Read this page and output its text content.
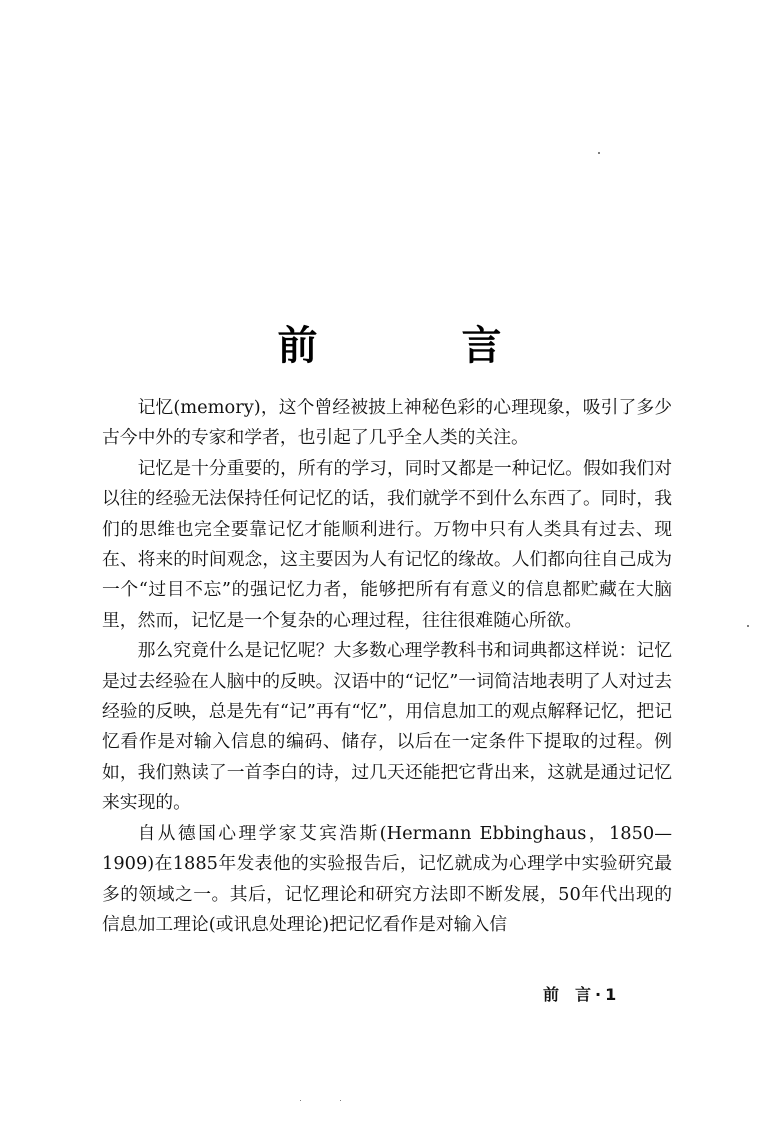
前　言

记忆(memory)，这个曾经被披上神秘色彩的心理现象，吸引了多少古今中外的专家和学者，也引起了几乎全人类的关注。

记忆是十分重要的，所有的学习，同时又都是一种记忆。假如我们对以往的经验无法保持任何记忆的话，我们就学不到什么东西了。同时，我们的思维也完全要靠记忆才能顺利进行。万物中只有人类具有过去、现在、将来的时间观念，这主要因为人有记忆的缘故。人们都向往自己成为一个“过目不忘”的强记忆力者，能够把所有有意义的信息都贮藏在大脑里，然而，记忆是一个复杂的心理过程，往往很难随心所欲。

那么究竟什么是记忆呢？大多数心理学教科书和词典都这样说：记忆是过去经验在人脑中的反映。汉语中的“记忆”一词简洁地表明了人对过去经验的反映，总是先有“记”再有“忆”，用信息加工的观点解释记忆，把记忆看作是对输入信息的编码、储存，以后在一定条件下提取的过程。例如，我们熟读了一首李白的诗，过几天还能把它背出来，这就是通过记忆来实现的。

自从德国心理学家艾宾浩斯(Hermann Ebbinghaus，1850—1909)在1885年发表他的实验报告后，记忆就成为心理学中实验研究最多的领域之一。其后，记忆理论和研究方法即不断发展，50年代出现的信息加工理论(或讯息处理论)把记忆看作是对输入信

前　言 · 1
